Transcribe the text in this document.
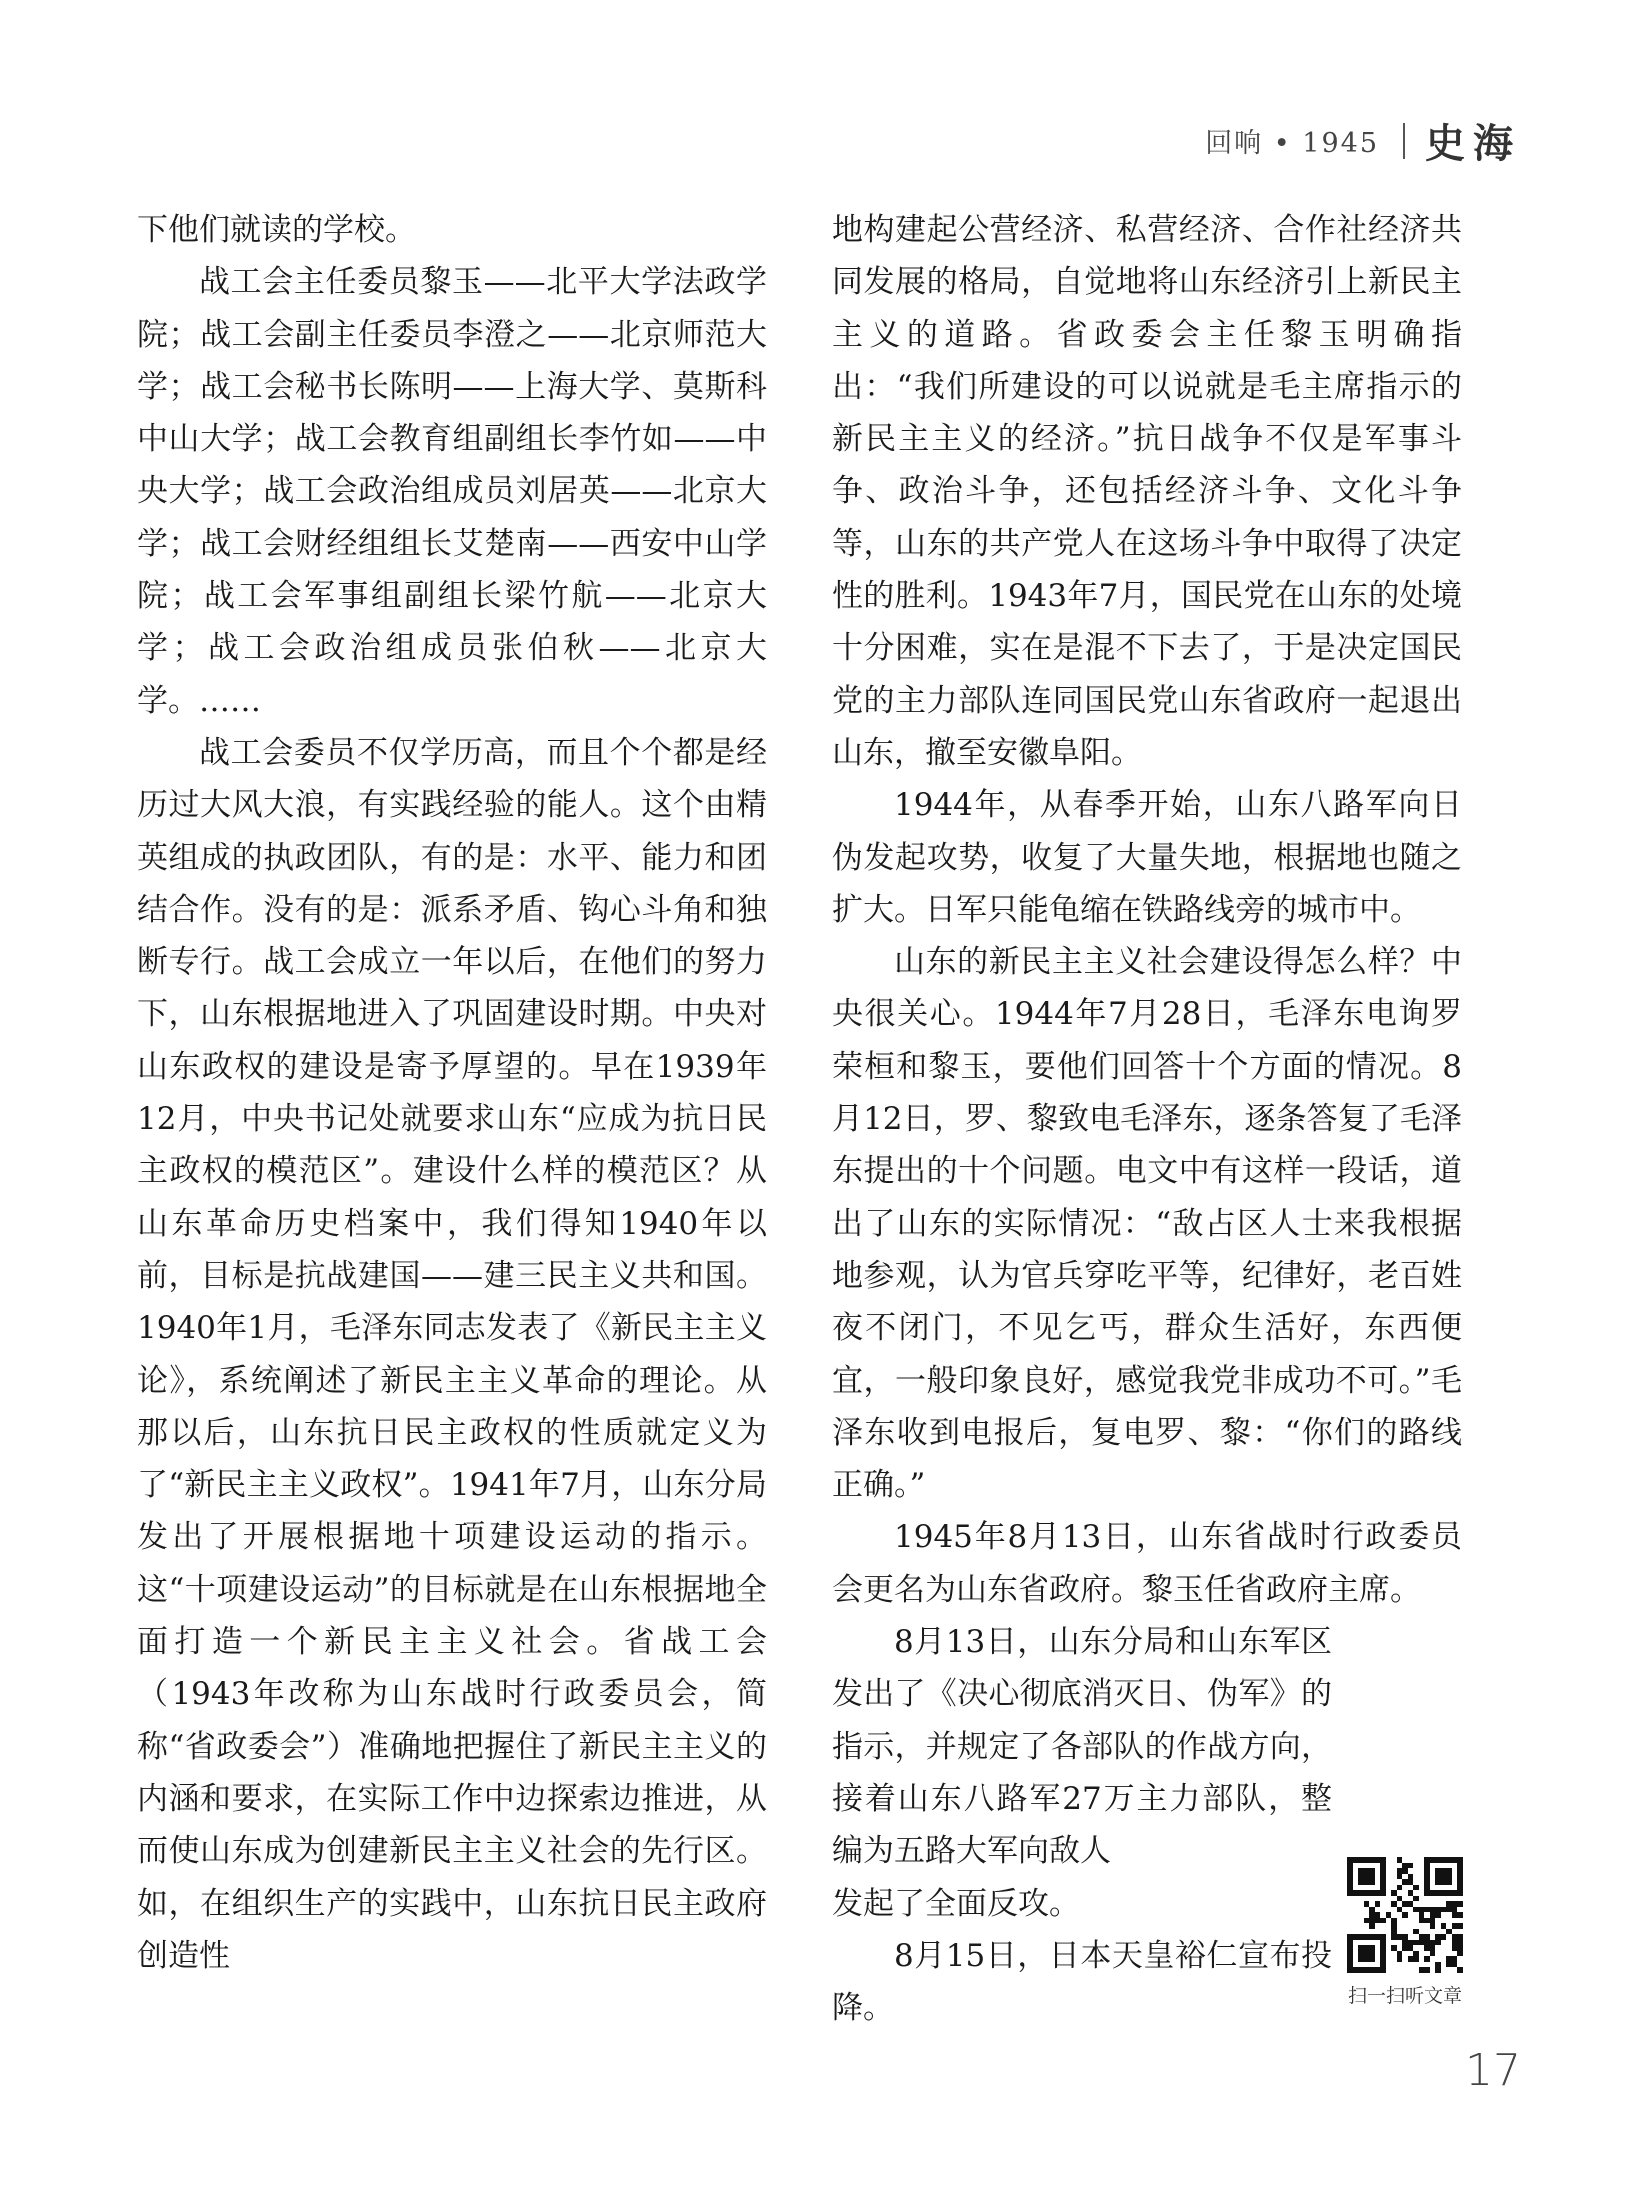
回响 • 1945 史海

下他们就读的学校。

战工会主任委员黎玉——北平大学法政学院；战工会副主任委员李澄之——北京师范大学；战工会秘书长陈明——上海大学、莫斯科中山大学；战工会教育组副组长李竹如——中央大学；战工会政治组成员刘居英——北京大学；战工会财经组组长艾楚南——西安中山学院；战工会军事组副组长梁竹航——北京大学；战工会政治组成员张伯秋——北京大学。……

战工会委员不仅学历高，而且个个都是经历过大风大浪，有实践经验的能人。这个由精英组成的执政团队，有的是：水平、能力和团结合作。没有的是：派系矛盾、钩心斗角和独断专行。战工会成立一年以后，在他们的努力下，山东根据地进入了巩固建设时期。中央对山东政权的建设是寄予厚望的。早在1939年12月，中央书记处就要求山东“应成为抗日民主政权的模范区”。建设什么样的模范区？从山东革命历史档案中，我们得知1940年以前，目标是抗战建国——建三民主义共和国。1940年1月，毛泽东同志发表了《新民主主义论》，系统阐述了新民主主义革命的理论。从那以后，山东抗日民主政权的性质就定义为了“新民主主义政权”。1941年7月，山东分局发出了开展根据地十项建设运动的指示。这“十项建设运动”的目标就是在山东根据地全面打造一个新民主主义社会。省战工会（1943年改称为山东战时行政委员会，简称“省政委会”）准确地把握住了新民主主义的内涵和要求，在实际工作中边探索边推进，从而使山东成为创建新民主主义社会的先行区。如，在组织生产的实践中，山东抗日民主政府创造性

地构建起公营经济、私营经济、合作社经济共同发展的格局，自觉地将山东经济引上新民主主义的道路。省政委会主任黎玉明确指出：“我们所建设的可以说就是毛主席指示的新民主主义的经济。”抗日战争不仅是军事斗争、政治斗争，还包括经济斗争、文化斗争等，山东的共产党人在这场斗争中取得了决定性的胜利。1943年7月，国民党在山东的处境十分困难，实在是混不下去了，于是决定国民党的主力部队连同国民党山东省政府一起退出山东，撤至安徽阜阳。

1944年，从春季开始，山东八路军向日伪发起攻势，收复了大量失地，根据地也随之扩大。日军只能龟缩在铁路线旁的城市中。

山东的新民主主义社会建设得怎么样？中央很关心。1944年7月28日，毛泽东电询罗荣桓和黎玉，要他们回答十个方面的情况。8月12日，罗、黎致电毛泽东，逐条答复了毛泽东提出的十个问题。电文中有这样一段话，道出了山东的实际情况：“敌占区人士来我根据地参观，认为官兵穿吃平等，纪律好，老百姓夜不闭门，不见乞丐，群众生活好，东西便宜，一般印象良好，感觉我党非成功不可。”毛泽东收到电报后，复电罗、黎：“你们的路线正确。”

1945年8月13日，山东省战时行政委员会更名为山东省政府。黎玉任省政府主席。

8月13日，山东分局和山东军区发出了《决心彻底消灭日、伪军》的指示，并规定了各部队的作战方向，接着山东八路军27万主力部队，整编为五路大军向敌人

发起了全面反攻。

8月15日，日本天皇裕仁宣布投降。	扫一扫听文章
17
